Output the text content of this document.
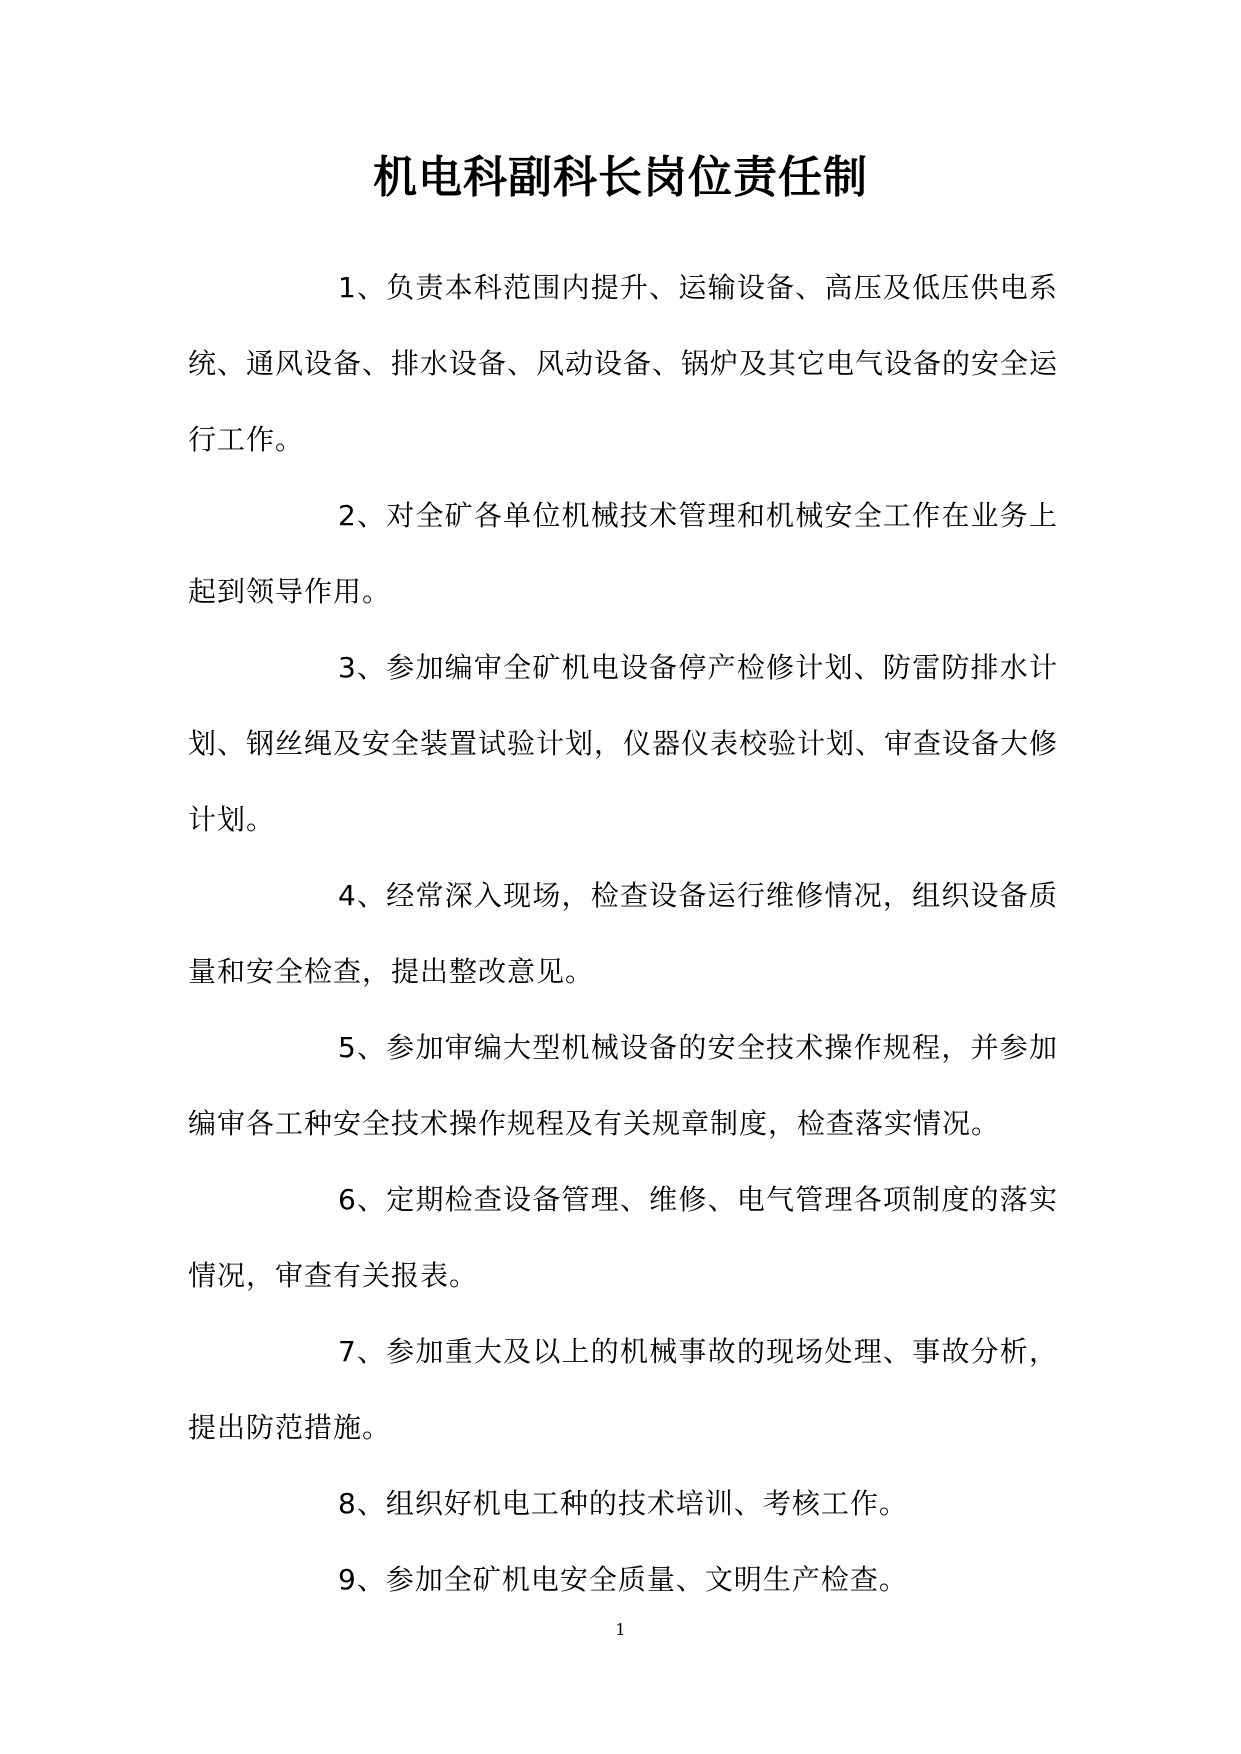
机电科副科长岗位责任制

1、负责本科范围内提升、运输设备、高压及低压供电系统、通风设备、排水设备、风动设备、锅炉及其它电气设备的安全运行工作。

2、对全矿各单位机械技术管理和机械安全工作在业务上起到领导作用。

3、参加编审全矿机电设备停产检修计划、防雷防排水计划、钢丝绳及安全装置试验计划，仪器仪表校验计划、审查设备大修计划。

4、经常深入现场，检查设备运行维修情况，组织设备质量和安全检查，提出整改意见。

5、参加审编大型机械设备的安全技术操作规程，并参加编审各工种安全技术操作规程及有关规章制度，检查落实情况。

6、定期检查设备管理、维修、电气管理各项制度的落实情况，审查有关报表。

7、参加重大及以上的机械事故的现场处理、事故分析，提出防范措施。

8、组织好机电工种的技术培训、考核工作。

9、参加全矿机电安全质量、文明生产检查。

1
